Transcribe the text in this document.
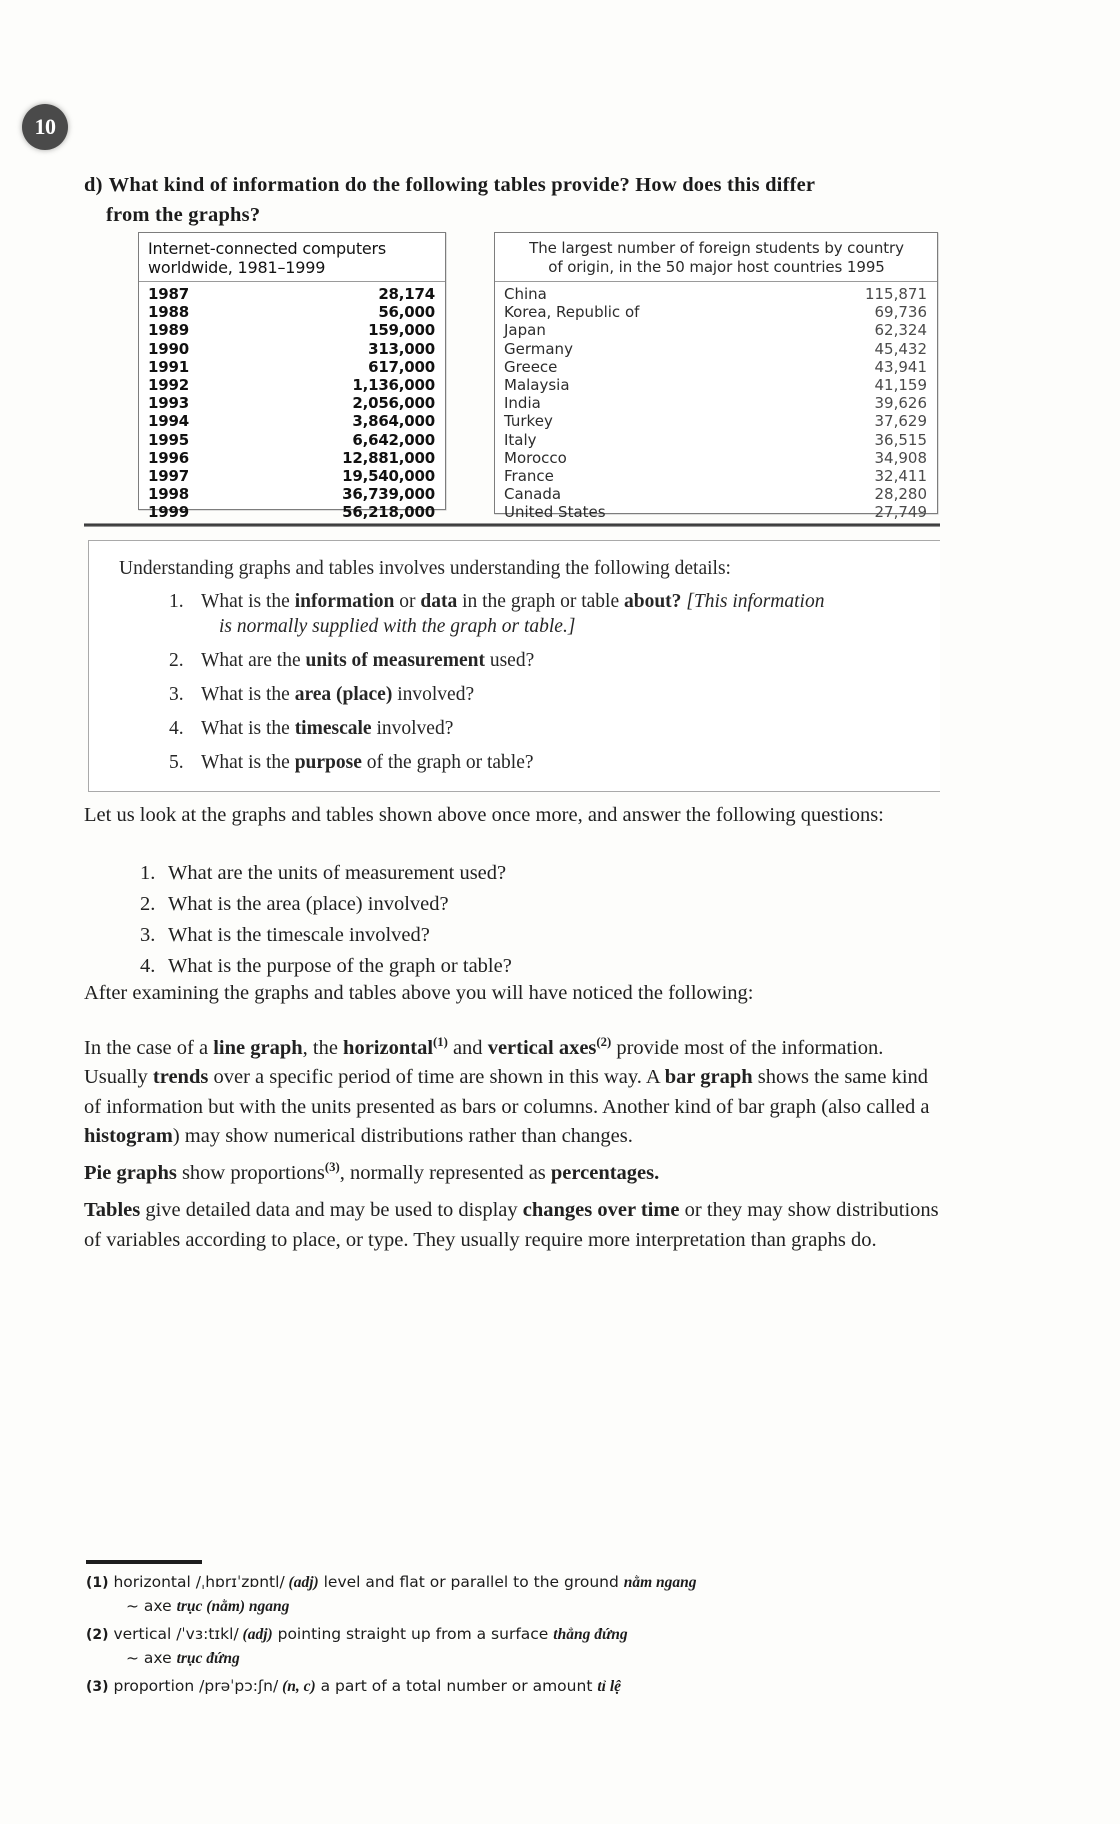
10
d) What kind of information do the following tables provide? How does this differ
from the graphs?
Internet-connected computers
worldwide, 1981–1999
1987	28,174
1988	56,000
1989	159,000
1990	313,000
1991	617,000
1992	1,136,000
1993	2,056,000
1994	3,864,000
1995	6,642,000
1996	12,881,000
1997	19,540,000
1998	36,739,000
1999	56,218,000
The largest number of foreign students by country
of origin, in the 50 major host countries 1995
China	115,871
Korea, Republic of	69,736
Japan	62,324
Germany	45,432
Greece	43,941
Malaysia	41,159
India	39,626
Turkey	37,629
Italy	36,515
Morocco	34,908
France	32,411
Canada	28,280
United States	27,749
Understanding graphs and tables involves understanding the following details:
1. What is the information or data in the graph or table about? [This information
is normally supplied with the graph or table.]
2. What are the units of measurement used?
3. What is the area (place) involved?
4. What is the timescale involved?
5. What is the purpose of the graph or table?
Let us look at the graphs and tables shown above once more, and answer the following questions:
1. What are the units of measurement used?
2. What is the area (place) involved?
3. What is the timescale involved?
4. What is the purpose of the graph or table?
After examining the graphs and tables above you will have noticed the following:
In the case of a line graph, the horizontal$^{(1)}$ and vertical axes$^{(2)}$ provide most of the information. Usually trends over a specific period of time are shown in this way. A bar graph shows the same kind of information but with the units presented as bars or columns. Another kind of bar graph (also called a histogram) may show numerical distributions rather than changes.
Pie graphs show proportions$^{(3)}$, normally represented as percentages.
Tables give detailed data and may be used to display changes over time or they may show distributions of variables according to place, or type. They usually require more interpretation than graphs do.
(1) horizontal /ˌhɒrɪˈzɒntl/ (adj) level and flat or parallel to the ground nằm ngang
~ axe trục (nằm) ngang
(2) vertical /ˈvɜ:tɪkl/ (adj) pointing straight up from a surface thẳng đứng
~ axe trục đứng
(3) proportion /prəˈpɔ:ʃn/ (n, c) a part of a total number or amount tỉ lệ
